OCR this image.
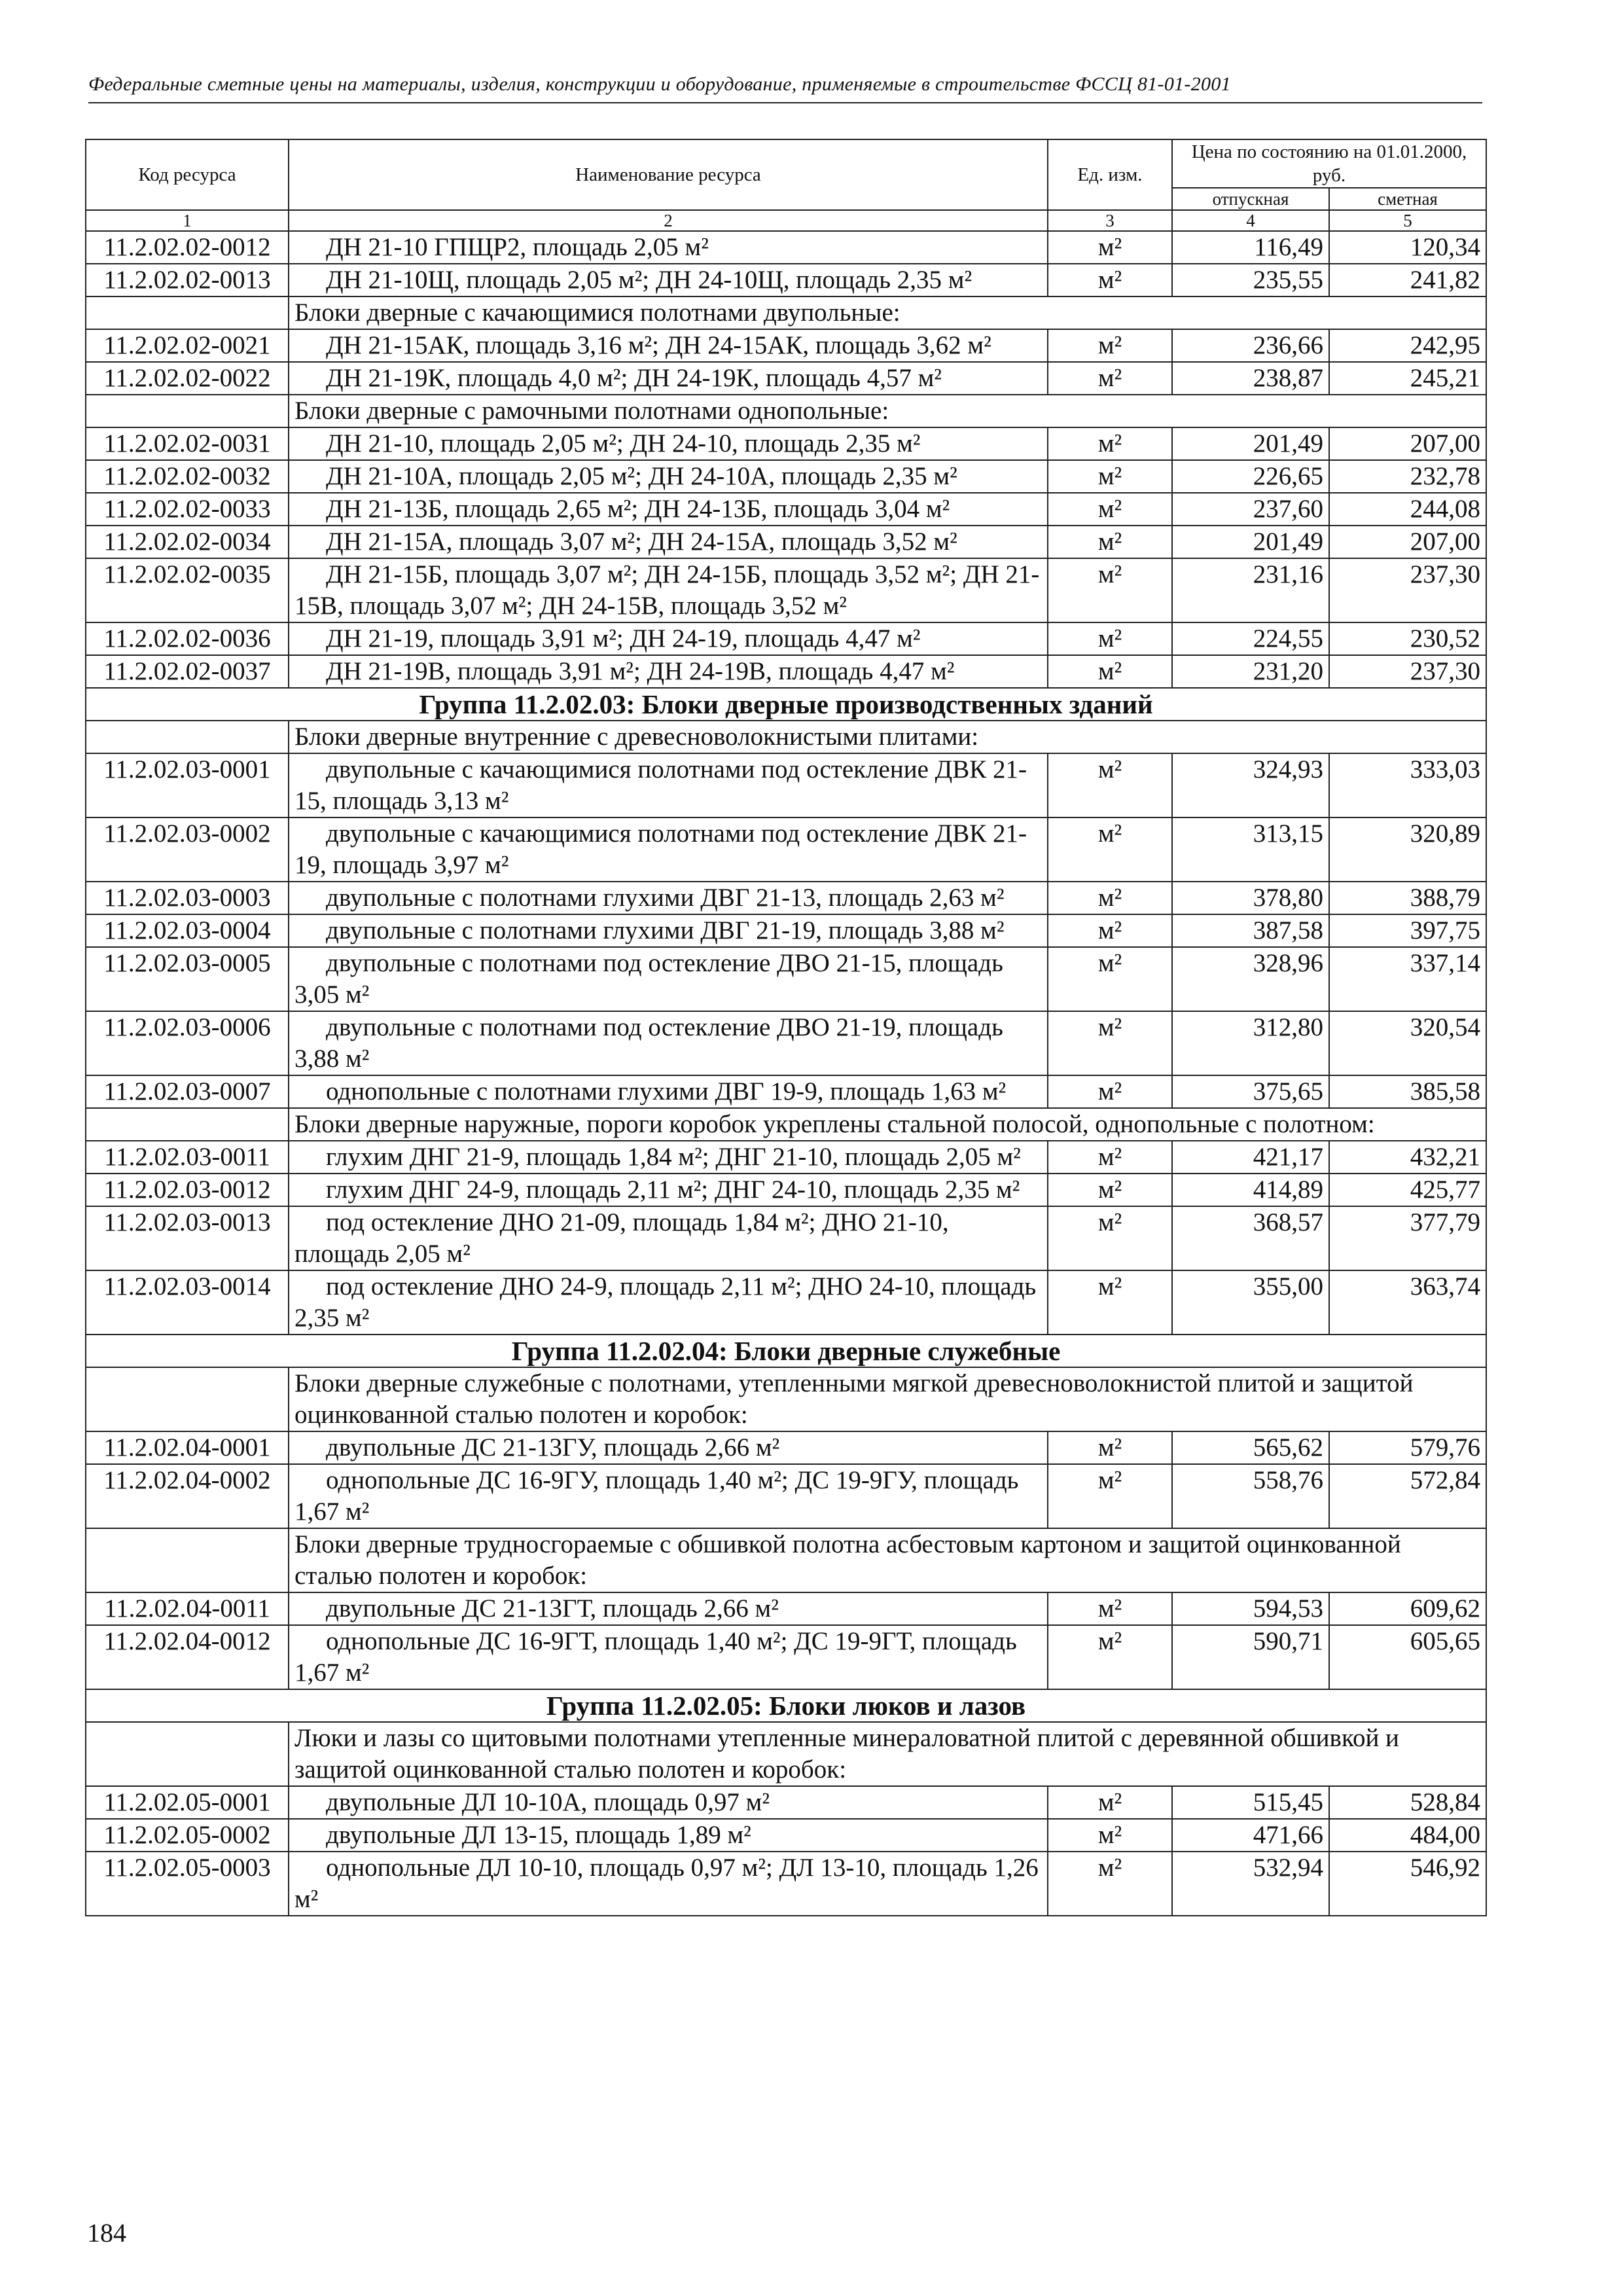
Федеральные сметные цены на материалы, изделия, конструкции и оборудование, применяемые в строительстве ФССЦ 81-01-2001
Код ресурса	Наименование ресурса	Ед. изм.	Цена по состоянию на 01.01.2000, руб.	
			отпускная	сметная
1	2	3	4	5
11.2.02.02-0012	ДН 21-10 ГПЩР2, площадь 2,05 м²	м²	116,49	120,34
11.2.02.02-0013	ДН 21-10Щ, площадь 2,05 м²; ДН 24-10Щ, площадь 2,35 м²	м²	235,55	241,82
	Блоки дверные с качающимися полотнами двупольные:			
11.2.02.02-0021	ДН 21-15АК, площадь 3,16 м²; ДН 24-15АК, площадь 3,62 м²	м²	236,66	242,95
11.2.02.02-0022	ДН 21-19К, площадь 4,0 м²; ДН 24-19К, площадь 4,57 м²	м²	238,87	245,21
	Блоки дверные с рамочными полотнами однопольные:			
11.2.02.02-0031	ДН 21-10, площадь 2,05 м²; ДН 24-10, площадь 2,35 м²	м²	201,49	207,00
11.2.02.02-0032	ДН 21-10А, площадь 2,05 м²; ДН 24-10А, площадь 2,35 м²	м²	226,65	232,78
11.2.02.02-0033	ДН 21-13Б, площадь 2,65 м²; ДН 24-13Б, площадь 3,04 м²	м²	237,60	244,08
11.2.02.02-0034	ДН 21-15А, площадь 3,07 м²; ДН 24-15А, площадь 3,52 м²	м²	201,49	207,00
11.2.02.02-0035	ДН 21-15Б, площадь 3,07 м²; ДН 24-15Б, площадь 3,52 м²; ДН 21-15В, площадь 3,07 м²; ДН 24-15В, площадь 3,52 м²	м²	231,16	237,30
11.2.02.02-0036	ДН 21-19, площадь 3,91 м²; ДН 24-19, площадь 4,47 м²	м²	224,55	230,52
11.2.02.02-0037	ДН 21-19В, площадь 3,91 м²; ДН 24-19В, площадь 4,47 м²	м²	231,20	237,30
Группа 11.2.02.03: Блоки дверные производственных зданий				
	Блоки дверные внутренние с древесноволокнистыми плитами:			
11.2.02.03-0001	двупольные с качающимися полотнами под остекление ДВК 21-15, площадь 3,13 м²	м²	324,93	333,03
11.2.02.03-0002	двупольные с качающимися полотнами под остекление ДВК 21-19, площадь 3,97 м²	м²	313,15	320,89
11.2.02.03-0003	двупольные с полотнами глухими ДВГ 21-13, площадь 2,63 м²	м²	378,80	388,79
11.2.02.03-0004	двупольные с полотнами глухими ДВГ 21-19, площадь 3,88 м²	м²	387,58	397,75
11.2.02.03-0005	двупольные с полотнами под остекление ДВО 21-15, площадь 3,05 м²	м²	328,96	337,14
11.2.02.03-0006	двупольные с полотнами под остекление ДВО 21-19, площадь 3,88 м²	м²	312,80	320,54
11.2.02.03-0007	однопольные с полотнами глухими ДВГ 19-9, площадь 1,63 м²	м²	375,65	385,58
	Блоки дверные наружные, пороги коробок укреплены стальной полосой, однопольные с полотном:			
11.2.02.03-0011	глухим ДНГ 21-9, площадь 1,84 м²; ДНГ 21-10, площадь 2,05 м²	м²	421,17	432,21
11.2.02.03-0012	глухим ДНГ 24-9, площадь 2,11 м²; ДНГ 24-10, площадь 2,35 м²	м²	414,89	425,77
11.2.02.03-0013	под остекление ДНО 21-09, площадь 1,84 м²; ДНО 21-10, площадь 2,05 м²	м²	368,57	377,79
11.2.02.03-0014	под остекление ДНО 24-9, площадь 2,11 м²; ДНО 24-10, площадь 2,35 м²	м²	355,00	363,74
Группа 11.2.02.04: Блоки дверные служебные				
	Блоки дверные служебные с полотнами, утепленными мягкой древесноволокнистой плитой и защитой оцинкованной сталью полотен и коробок:			
11.2.02.04-0001	двупольные ДС 21-13ГУ, площадь 2,66 м²	м²	565,62	579,76
11.2.02.04-0002	однопольные ДС 16-9ГУ, площадь 1,40 м²; ДС 19-9ГУ, площадь 1,67 м²	м²	558,76	572,84
	Блоки дверные трудносгораемые с обшивкой полотна асбестовым картоном и защитой оцинкованной сталью полотен и коробок:			
11.2.02.04-0011	двупольные ДС 21-13ГТ, площадь 2,66 м²	м²	594,53	609,62
11.2.02.04-0012	однопольные ДС 16-9ГТ, площадь 1,40 м²; ДС 19-9ГТ, площадь 1,67 м²	м²	590,71	605,65
Группа 11.2.02.05: Блоки люков и лазов				
	Люки и лазы со щитовыми полотнами утепленные минераловатной плитой с деревянной обшивкой и защитой оцинкованной сталью полотен и коробок:			
11.2.02.05-0001	двупольные ДЛ 10-10А, площадь 0,97 м²	м²	515,45	528,84
11.2.02.05-0002	двупольные ДЛ 13-15, площадь 1,89 м²	м²	471,66	484,00
11.2.02.05-0003	однопольные ДЛ 10-10, площадь 0,97 м²; ДЛ 13-10, площадь 1,26 м²	м²	532,94	546,92
184
